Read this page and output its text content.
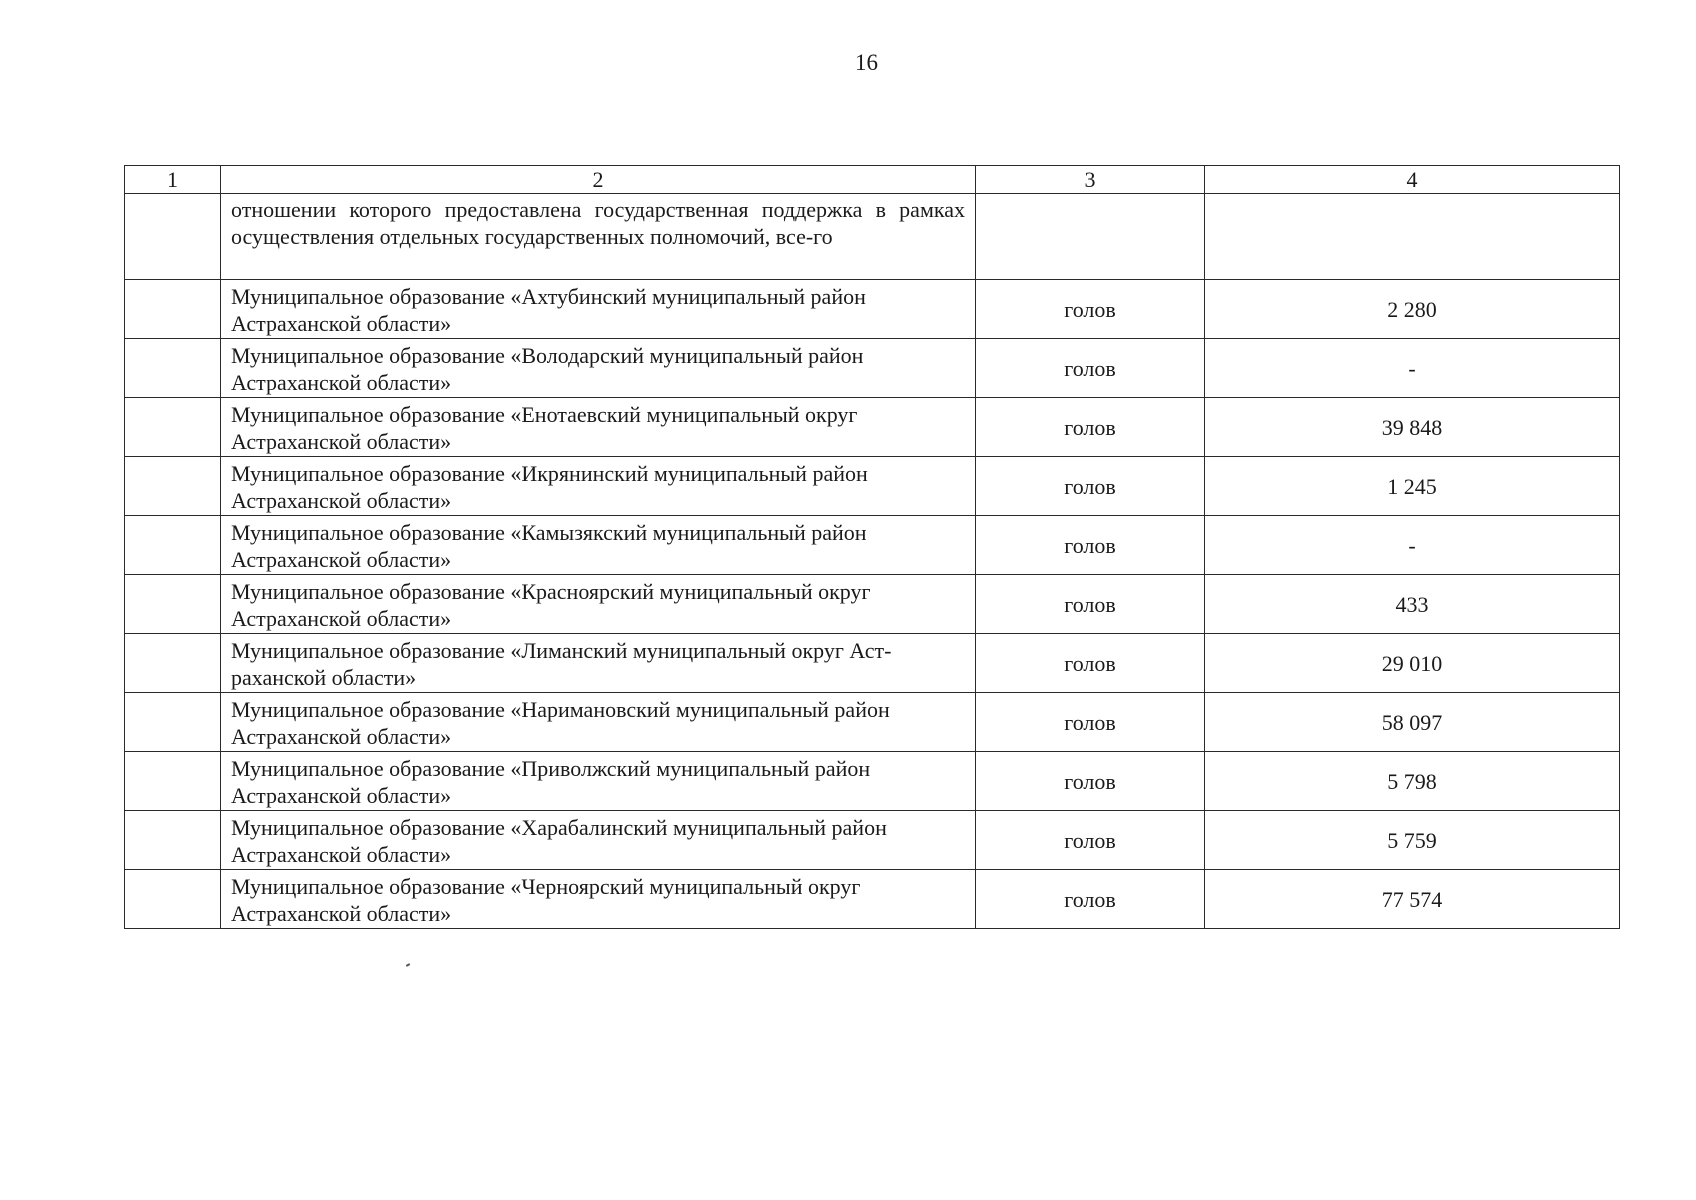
16
1	2	3	4
	отношении которого предоставлена государственная поддержка в рамках осуществления отдельных государственных полномочий, все-го		
	Муниципальное образование «Ахтубинский муниципальный район Астраханской области»	голов	2 280
	Муниципальное образование «Володарский муниципальный район Астраханской области»	голов	-
	Муниципальное образование «Енотаевский муниципальный округ Астраханской области»	голов	39 848
	Муниципальное образование «Икрянинский муниципальный район Астраханской области»	голов	1 245
	Муниципальное образование «Камызякский муниципальный район Астраханской области»	голов	-
	Муниципальное образование «Красноярский муниципальный округ Астраханской области»	голов	433
	Муниципальное образование «Лиманский муниципальный округ Аст-раханской области»	голов	29 010
	Муниципальное образование «Наримановский муниципальный район Астраханской области»	голов	58 097
	Муниципальное образование «Приволжский муниципальный район Астраханской области»	голов	5 798
	Муниципальное образование «Харабалинский муниципальный район Астраханской области»	голов	5 759
	Муниципальное образование «Черноярский муниципальный округ Астраханской области»	голов	77 574
